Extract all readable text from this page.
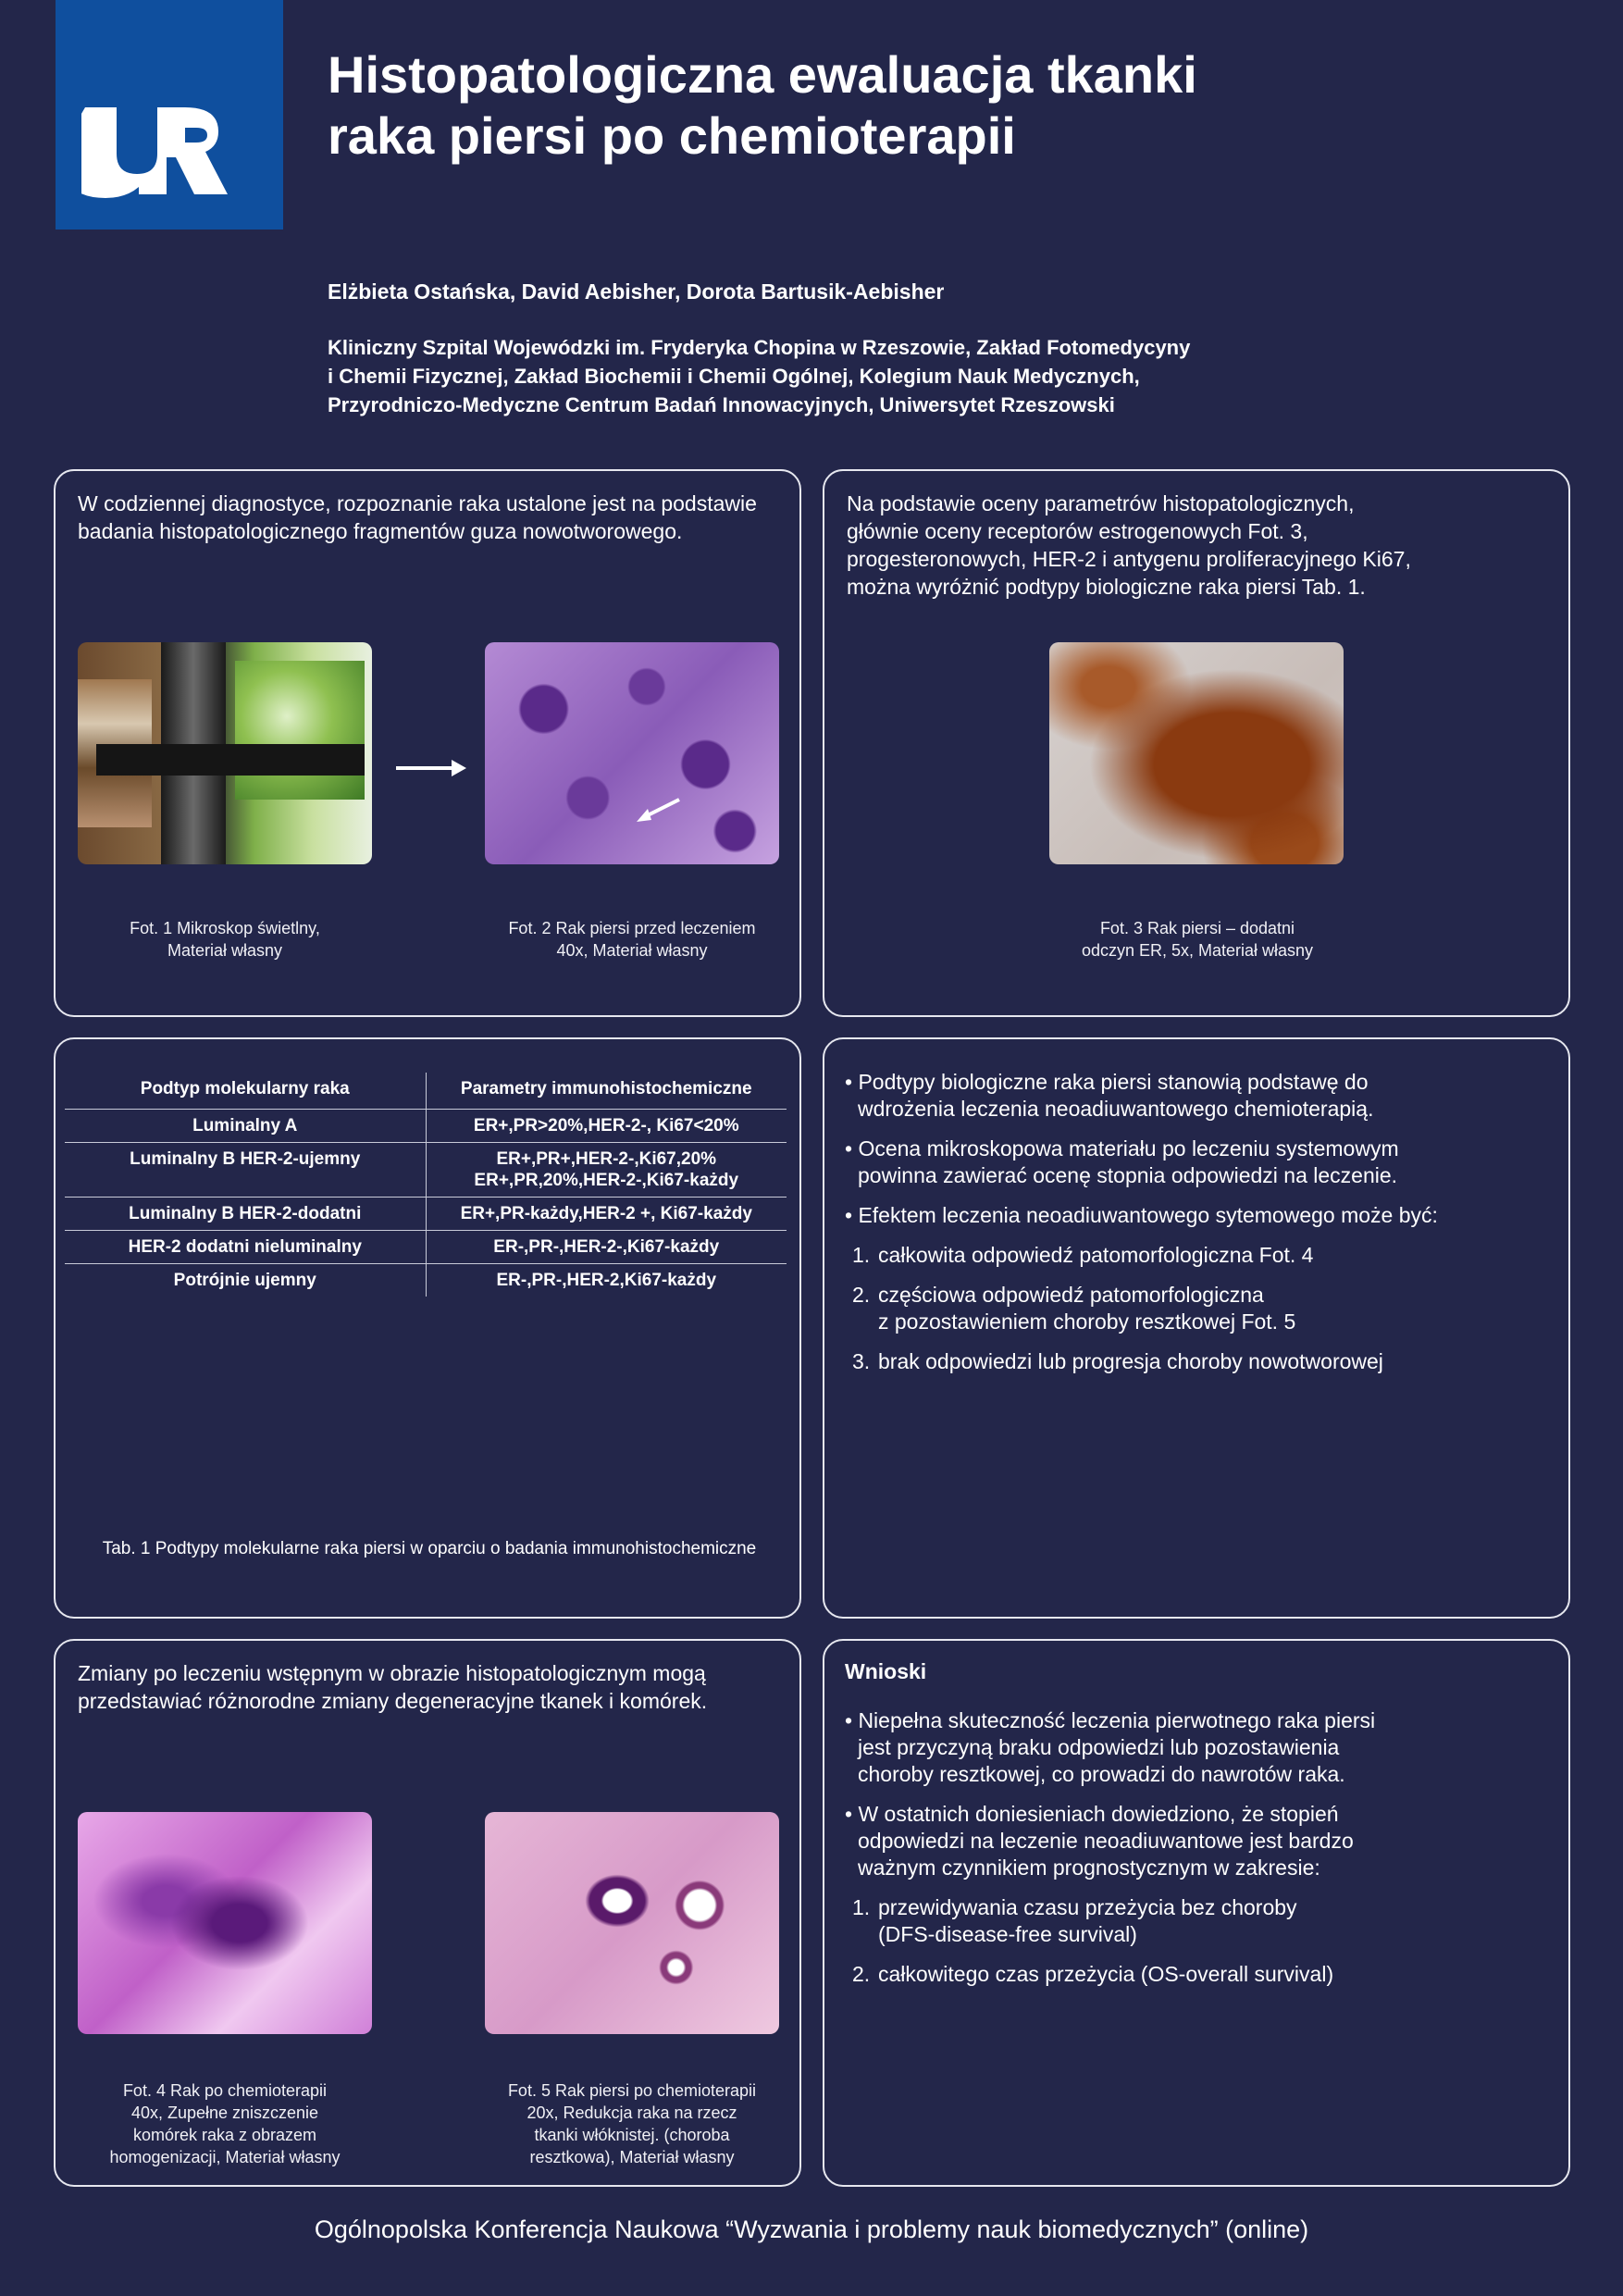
Histopatologiczna ewaluacja tkanki
raka piersi po chemioterapii
Elżbieta Ostańska, David Aebisher, Dorota Bartusik-Aebisher
Kliniczny Szpital Wojewódzki im. Fryderyka Chopina w Rzeszowie, Zakład Fotomedycyny
i Chemii Fizycznej, Zakład Biochemii i Chemii Ogólnej, Kolegium Nauk Medycznych,
Przyrodniczo-Medyczne Centrum Badań Innowacyjnych, Uniwersytet Rzeszowski
W codziennej diagnostyce, rozpoznanie raka ustalone jest na podstawie
badania histopatologicznego fragmentów guza nowotworowego.
Fot. 1 Mikroskop świetlny,
Materiał własny
Fot. 2 Rak piersi przed leczeniem
40x, Materiał własny
Na podstawie oceny parametrów histopatologicznych,
głównie oceny receptorów estrogenowych Fot. 3,
progesteronowych, HER-2 i antygenu proliferacyjnego Ki67,
można wyróżnić podtypy biologiczne raka piersi Tab. 1.
Fot. 3 Rak piersi – dodatni
odczyn ER, 5x, Materiał własny
Podtyp molekularny raka	Parametry immunohistochemiczne
Luminalny A	ER+,PR>20%,HER-2-, Ki67<20%
Luminalny B HER-2-ujemny	ER+,PR+,HER-2-,Ki67,20%
ER+,PR,20%,HER-2-,Ki67-każdy

Luminalny B HER-2-dodatni	ER+,PR-każdy,HER-2 +, Ki67-każdy
HER-2 dodatni nieluminalny	ER-,PR-,HER-2-,Ki67-każdy
Potrójnie ujemny	ER-,PR-,HER-2,Ki67-każdy
Tab. 1 Podtypy molekularne raka piersi w oparciu o badania immunohistochemiczne
• Podtypy biologiczne raka piersi stanowią podstawę do
wdrożenia leczenia neoadiuwantowego chemioterapią.
• Ocena mikroskopowa materiału po leczeniu systemowym
powinna zawierać ocenę stopnia odpowiedzi na leczenie.
• Efektem leczenia neoadiuwantowego sytemowego może być:
1. całkowita odpowiedź patomorfologiczna Fot. 4
2. częściowa odpowiedź patomorfologiczna
z pozostawieniem choroby resztkowej Fot. 5
3. brak odpowiedzi lub progresja choroby nowotworowej
Zmiany po leczeniu wstępnym w obrazie histopatologicznym mogą
przedstawiać różnorodne zmiany degeneracyjne tkanek i komórek.
Fot. 4 Rak po chemioterapii
40x, Zupełne zniszczenie
komórek raka z obrazem
homogenizacji, Materiał własny
Fot. 5 Rak piersi po chemioterapii
20x, Redukcja raka na rzecz
tkanki włóknistej. (choroba
resztkowa), Materiał własny
Wnioski
• Niepełna skuteczność leczenia pierwotnego raka piersi
jest przyczyną braku odpowiedzi lub pozostawienia
choroby resztkowej, co prowadzi do nawrotów raka.
• W ostatnich doniesieniach dowiedziono, że stopień
odpowiedzi na leczenie neoadiuwantowe jest bardzo
ważnym czynnikiem prognostycznym w zakresie:
1. przewidywania czasu przeżycia bez choroby
(DFS-disease-free survival)
2. całkowitego czas przeżycia (OS-overall survival)
Ogólnopolska Konferencja Naukowa “Wyzwania i problemy nauk biomedycznych” (online)
